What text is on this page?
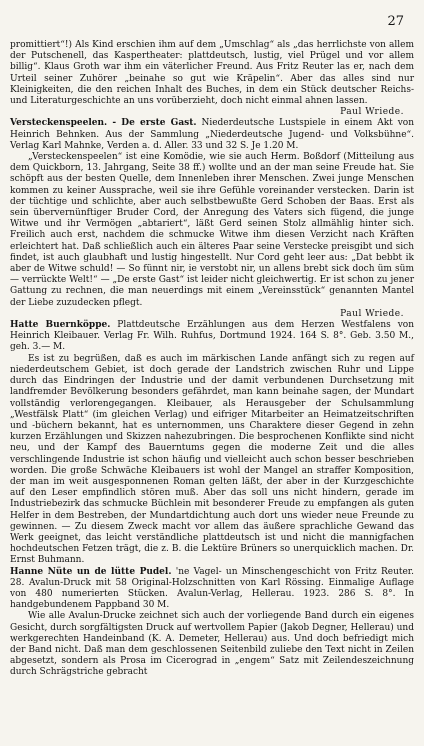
27

promittiert“!) Als Kind erschien ihm auf dem „Umschlag“ als „das herrlichste von allem der Putschenell, das Kaspertheater: plattdeutsch, lustig, viel Prügel und vor allem billig“. Klaus Groth war ihm ein väterlicher Freund. Aus Fritz Reuter las er, nach dem Urteil seiner Zuhörer „beinahe so gut wie Kräpelin“. Aber das alles sind nur Kleinigkeiten, die den reichen Inhalt des Buches, in dem ein Stück deutscher Reichs- und Literaturgeschichte an uns vorüberzieht, doch nicht einmal ahnen lassen.

Paul Wriede.

Versteckenspeelen. - De erste Gast. Niederdeutsche Lustspiele in einem Akt von Heinrich Behnken. Aus der Sammlung „Niederdeutsche Jugend- und Volksbühne“. Verlag Karl Mahnke, Verden a. d. Aller. 33 und 32 S. Je 1.20 M.

„Versteckenspeelen“ ist eine Komödie, wie sie auch Herm. Boßdorf (Mitteilung aus dem Quickborn, 13. Jahrgang, Seite 38 ff.) wollte und an der man seine Freude hat. Sie schöpft aus der besten Quelle, dem Innenleben ihrer Menschen. Zwei junge Menschen kommen zu keiner Aussprache, weil sie ihre Gefühle voreinander verstecken. Darin ist der tüchtige und schlichte, aber auch selbstbewußte Gerd Schoben der Baas. Erst als sein übervernünftiger Bruder Cord, der Anregung des Vaters sich fügend, die junge Witwe und ihr Vermögen „abtariert“, läßt Gerd seinen Stolz allmählig hinter sich. Freilich auch erst, nachdem die schmucke Witwe ihm diesen Verzicht nach Kräften erleichtert hat. Daß schließlich auch ein älteres Paar seine Verstecke preisgibt und sich findet, ist auch glaubhaft und lustig hingestellt. Nur Cord geht leer aus: „Dat bebbt ik aber de Witwe schuld! — So fünnt nir, ie verstobt nir, un allens brebt sick doch üm süm — verrückte Welt!“ — „De erste Gast“ ist leider nicht gleichwertig. Er ist schon zu jener Gattung zu rechnen, die man neuerdings mit einem „Vereinsstück“ genannten Mantel der Liebe zuzudecken pflegt.

Paul Wriede.

Hatte Buernköppe. Plattdeutsche Erzählungen aus dem Herzen Westfalens von Heinrich Kleibauer. Verlag Fr. Wilh. Ruhfus, Dortmund 1924. 164 S. 8°. Geb. 3.50 M., geh. 3.— M.

Es ist zu begrüßen, daß es auch im märkischen Lande anfängt sich zu regen auf niederdeutschem Gebiet, ist doch gerade der Landstrich zwischen Ruhr und Lippe durch das Eindringen der Industrie und der damit verbundenen Durchsetzung mit landfremder Bevölkerung besonders gefährdet, man kann beinahe sagen, der Mundart vollständig verlorengegangen. Kleibauer, als Herausgeber der Schulsammlung „Westfälsk Platt“ (im gleichen Verlag) und eifriger Mitarbeiter an Heimatzeitschriften und -büchern bekannt, hat es unternommen, uns Charaktere dieser Gegend in zehn kurzen Erzählungen und Skizzen nahezubringen. Die besprochenen Konflikte sind nicht neu, und der Kampf des Bauerntums gegen die moderne Zeit und die alles verschlingende Industrie ist schon häufig und vielleicht auch schon besser beschrieben worden. Die große Schwäche Kleibauers ist wohl der Mangel an straffer Komposition, der man im weit ausgesponnenen Roman gelten läßt, der aber in der Kurzgeschichte auf den Leser empfindlich stören muß. Aber das soll uns nicht hindern, gerade im Industriebezirk das schmucke Büchlein mit besonderer Freude zu empfangen als guten Helfer in dem Bestreben, der Mundartdichtung auch dort uns wieder neue Freunde zu gewinnen. — Zu diesem Zweck macht vor allem das äußere sprachliche Gewand das Werk geeignet, das leicht verständliche plattdeutsch ist und nicht die mannigfachen hochdeutschen Fetzen trägt, die z. B. die Lektüre Brüners so unerquicklich machen. Dr. Ernst Buhmann.

Hanne Nüte un de lütte Pudel. 'ne Vagel- un Minschengeschicht von Fritz Reuter. 28. Avalun-Druck mit 58 Original-Holzschnitten von Karl Rössing. Einmalige Auflage von 480 numerierten Stücken. Avalun-Verlag, Hellerau. 1923. 286 S. 8°. In handgebundenem Pappband 30 M.

Wie alle Avalun-Drucke zeichnet sich auch der vorliegende Band durch ein eigenes Gesicht, durch sorgfältigsten Druck auf wertvollem Papier (Jakob Degner, Hellerau) und werkgerechten Handeinband (K. A. Demeter, Hellerau) aus. Und doch befriedigt mich der Band nicht. Daß man dem geschlossenen Seitenbild zuliebe den Text nicht in Zeilen abgesetzt, sondern als Prosa im Cicerograd in „engem“ Satz mit Zeilendeszeichnung durch Schrägstriche gebracht
